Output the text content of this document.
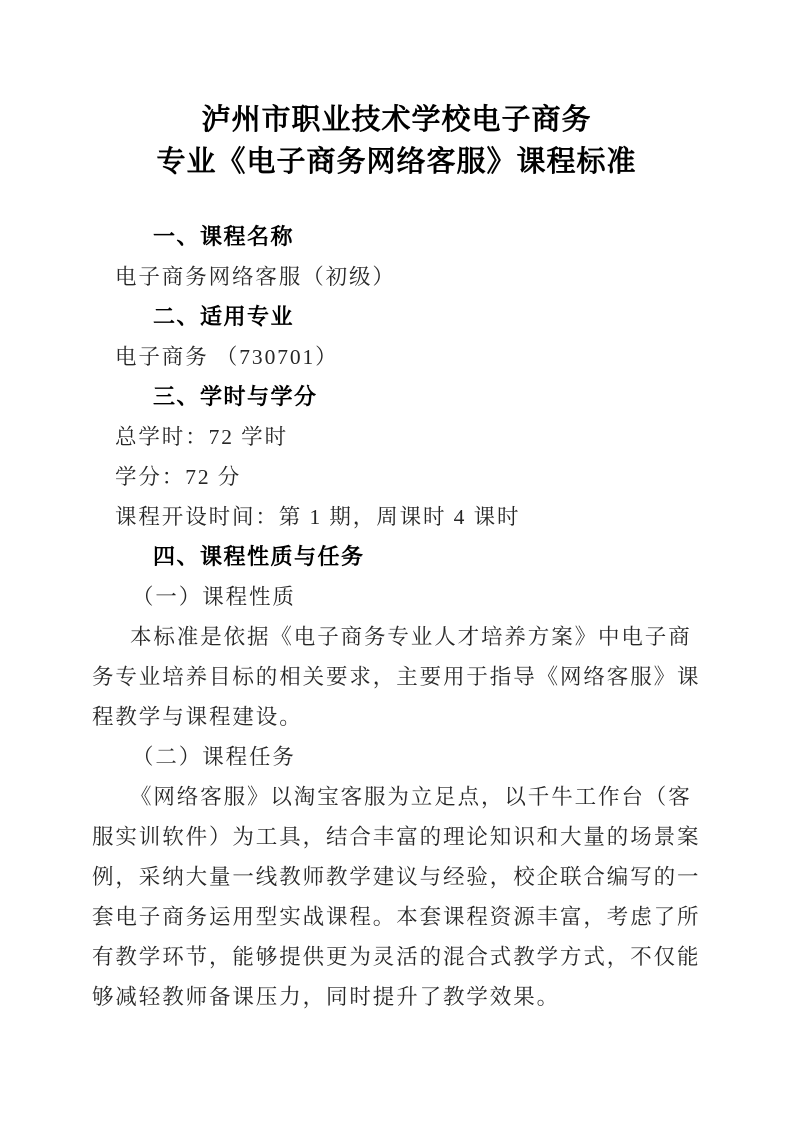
泸州市职业技术学校电子商务
专业《电子商务网络客服》课程标准
一、课程名称
电子商务网络客服（初级）
二、适用专业
电子商务 （730701）
三、学时与学分
总学时：72 学时
学分：72 分
课程开设时间：第 1 期，周课时 4 课时
四、课程性质与任务
（一）课程性质
本标准是依据《电子商务专业人才培养方案》中电子商
务专业培养目标的相关要求，主要用于指导《网络客服》课
程教学与课程建设。
（二）课程任务
《网络客服》以淘宝客服为立足点，以千牛工作台（客
服实训软件）为工具，结合丰富的理论知识和大量的场景案
例，采纳大量一线教师教学建议与经验，校企联合编写的一
套电子商务运用型实战课程。本套课程资源丰富，考虑了所
有教学环节，能够提供更为灵活的混合式教学方式，不仅能
够减轻教师备课压力，同时提升了教学效果。
